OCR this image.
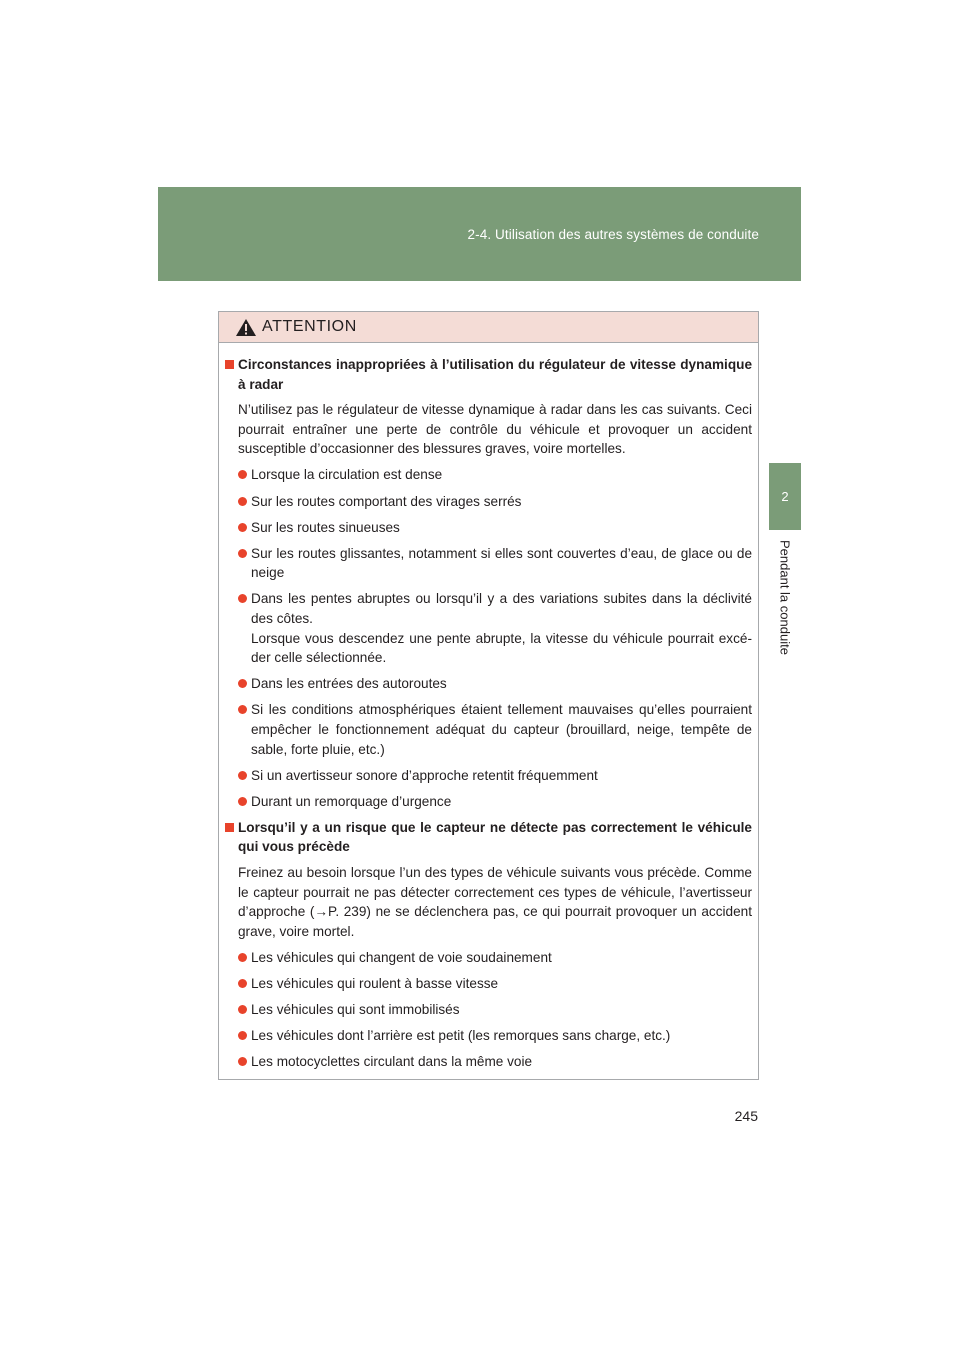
2-4. Utilisation des autres systèmes de conduite
2
Pendant la conduite
ATTENTION
Circonstances inappropriées à l’utilisation du régulateur de vitesse dynamique à radar
N’utilisez pas le régulateur de vitesse dynamique à radar dans les cas suivants. Ceci pourrait entraîner une perte de contrôle du véhicule et provoquer un accident susceptible d’occasionner des blessures graves, voire mortelles.
Lorsque la circulation est dense
Sur les routes comportant des virages serrés
Sur les routes sinueuses
Sur les routes glissantes, notamment si elles sont couvertes d’eau, de glace ou de neige
Dans les pentes abruptes ou lorsqu’il y a des variations subites dans la déclivité des côtes.
Lorsque vous descendez une pente abrupte, la vitesse du véhicule pourrait excéder celle sélectionnée.
Dans les entrées des autoroutes
Si les conditions atmosphériques étaient tellement mauvaises qu’elles pourraient empêcher le fonctionnement adéquat du capteur (brouillard, neige, tempête de sable, forte pluie, etc.)
Si un avertisseur sonore d’approche retentit fréquemment
Durant un remorquage d’urgence
Lorsqu’il y a un risque que le capteur ne détecte pas correctement le véhicule qui vous précède
Freinez au besoin lorsque l’un des types de véhicule suivants vous précède. Comme le capteur pourrait ne pas détecter correctement ces types de véhicule, l’avertisseur d’approche (→P. 239) ne se déclenchera pas, ce qui pourrait provoquer un accident grave, voire mortel.
Les véhicules qui changent de voie soudainement
Les véhicules qui roulent à basse vitesse
Les véhicules qui sont immobilisés
Les véhicules dont l’arrière est petit (les remorques sans charge, etc.)
Les motocyclettes circulant dans la même voie
245
